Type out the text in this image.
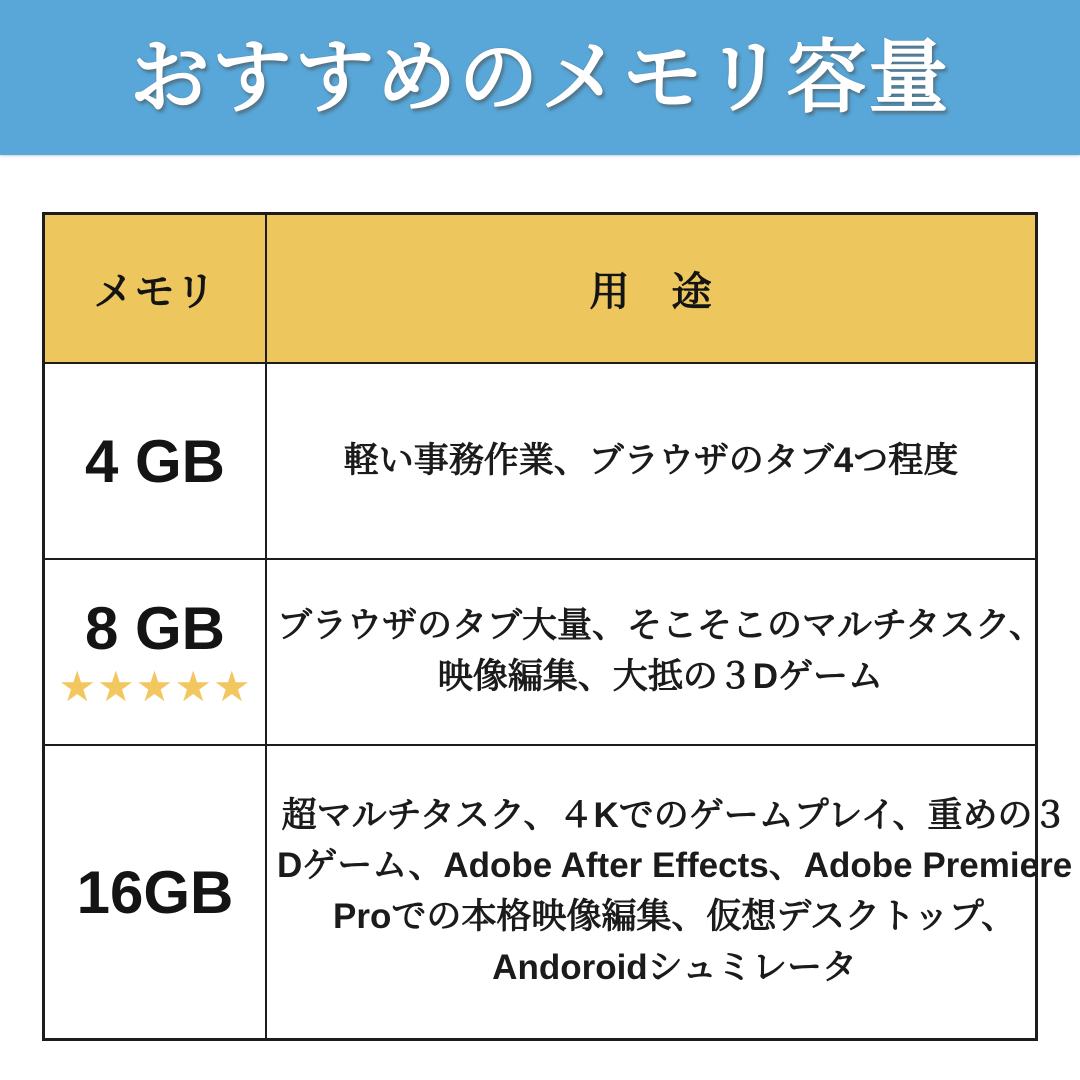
おすすめのメモリ容量
メモリ	用　途
4 GB	軽い事務作業、ブラウザのタブ4つ程度
8 GB
★★★★★
ブラウザのタブ大量、そこそこのマルチタスク、
映像編集、大抵の３Dゲーム
16GB
超マルチタスク、４Kでのゲームプレイ、重めの３
Dゲーム、Adobe After Effects、Adobe Premiere
Proでの本格映像編集、仮想デスクトップ、
Andoroidシュミレータ
